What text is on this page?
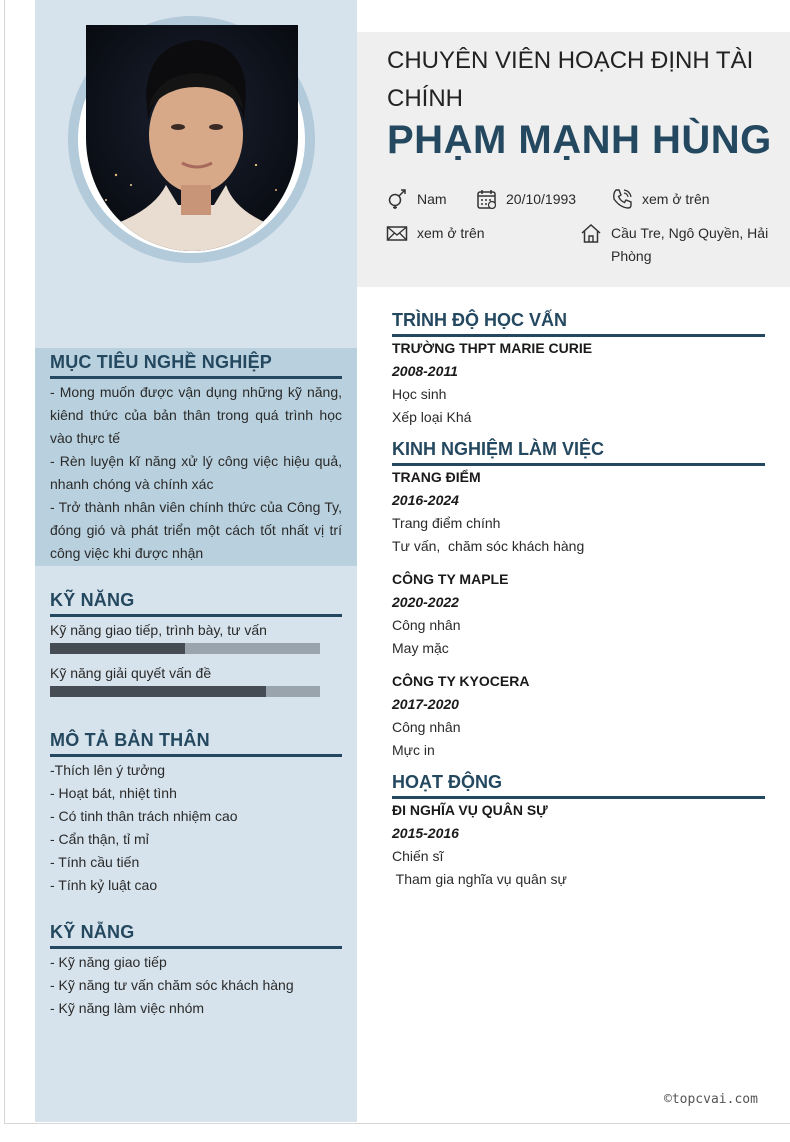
MỤC TIÊU NGHỀ NGHIỆP
- Mong muốn được vận dụng những kỹ năng, kiênd thức của bản thân trong quá trình học vào thực tế
- Rèn luyện kĩ năng xử lý công việc hiệu quả, nhanh chóng và chính xác
- Trở thành nhân viên chính thức của Công Ty, đóng gió và phát triển một cách tốt nhất vị trí công việc khi được nhận
KỸ NĂNG
Kỹ năng giao tiếp, trình bày, tư vấn
Kỹ năng giải quyết vấn đề
MÔ TẢ BẢN THÂN
-Thích lên ý tưởng
- Hoạt bát, nhiệt tình
- Có tinh thân trách nhiệm cao
- Cẩn thận, tỉ mỉ
- Tính cầu tiến
- Tính kỷ luật cao
KỸ NẴNG
- Kỹ năng giao tiếp
- Kỹ năng tư vấn chăm sóc khách hàng
- Kỹ năng làm việc nhóm
CHUYÊN VIÊN HOẠCH ĐỊNH TÀI CHÍNH
PHẠM MẠNH HÙNG
Nam	20/10/1993	xem ở trên
xem ở trên	Cầu Tre, Ngô Quyền, Hải Phòng
TRÌNH ĐỘ HỌC VẤN
TRƯỜNG THPT MARIE CURIE
2008-2011
Học sinh
Xếp loại Khá
KINH NGHIỆM LÀM VIỆC
TRANG ĐIỂM
2016-2024
Trang điểm chính
Tư vấn,  chăm sóc khách hàng
CÔNG TY MAPLE
2020-2022
Công nhân
May mặc
CÔNG TY KYOCERA
2017-2020
Công nhân
Mực in
HOẠT ĐỘNG
ĐI NGHĨA VỤ QUÂN SỰ
2015-2016
Chiến sĩ
Tham gia nghĩa vụ quân sự
©topcvai.com
